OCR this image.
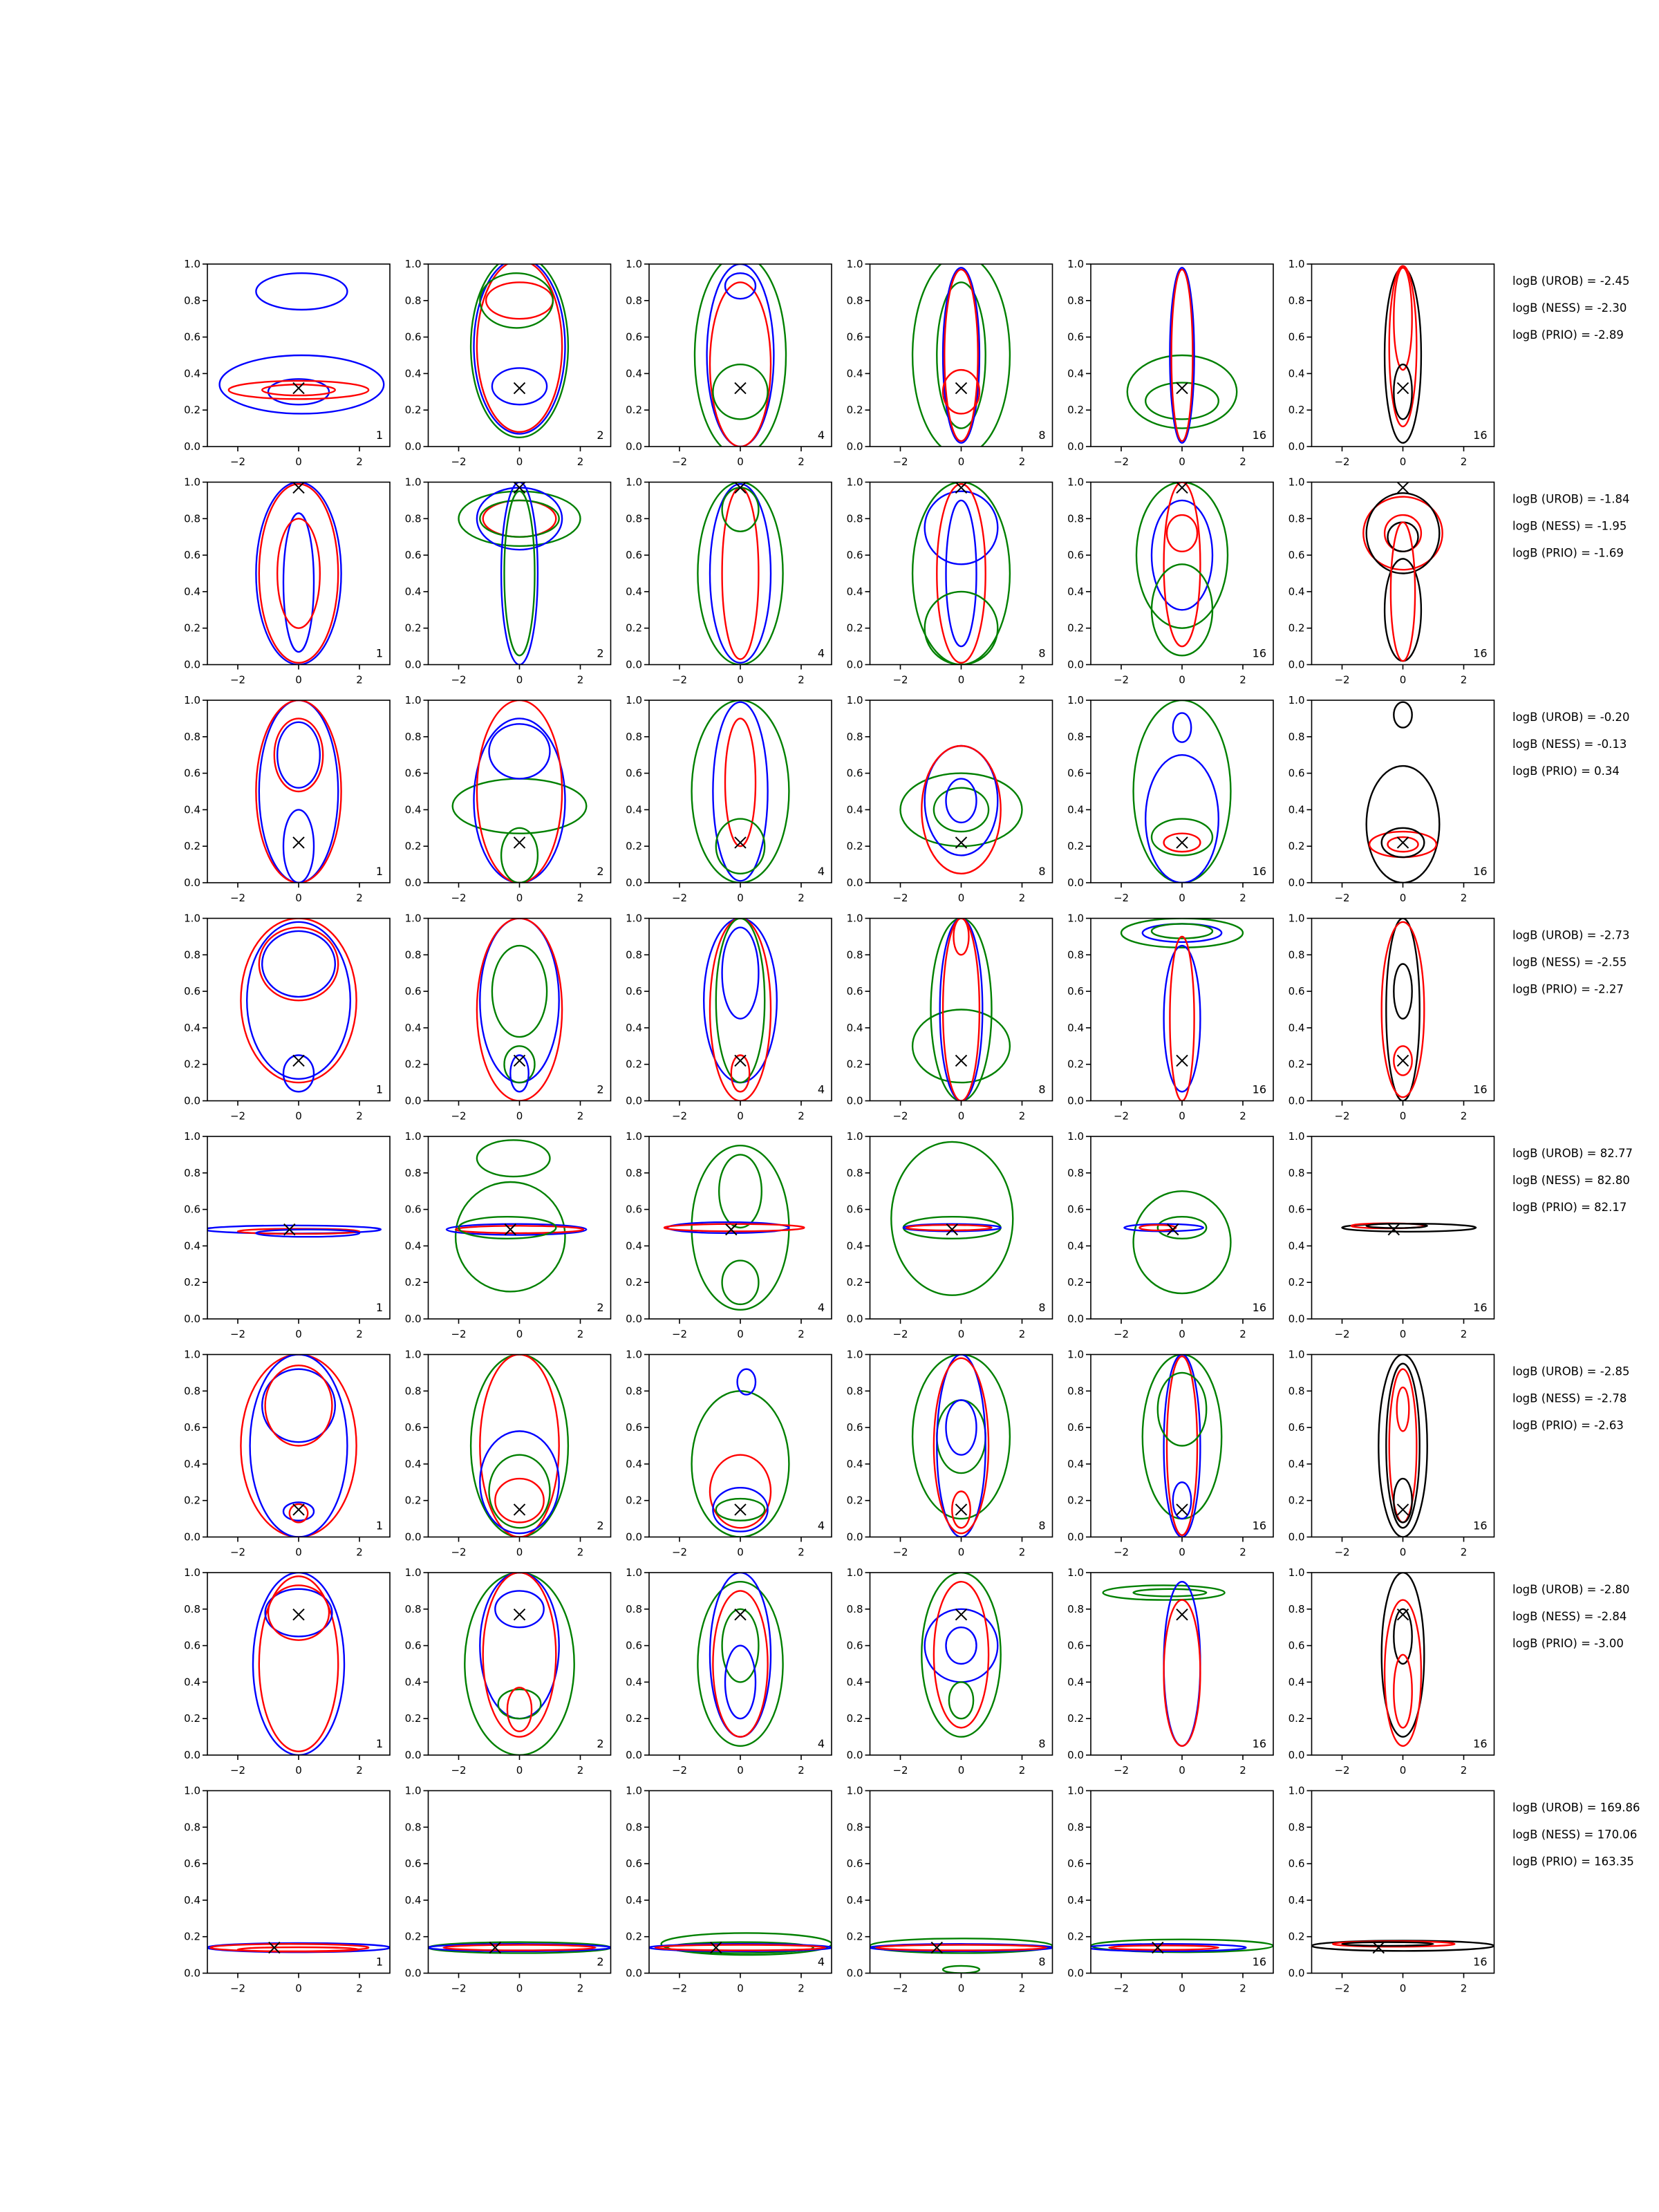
−2	0	2
0.0
0.2
0.4
0.6
0.8
1.0
1
−2	0	2
0.0
0.2
0.4
0.6
0.8
1.0
2
−2	0	2
0.0
0.2
0.4
0.6
0.8
1.0
4
−2	0	2
0.0
0.2
0.4
0.6
0.8
1.0
8
−2	0	2
0.0
0.2
0.4
0.6
0.8
1.0
16
−2	0	2
0.0
0.2
0.4
0.6
0.8
1.0
16
logB (UROB) = -2.45
logB (NESS) = -2.30
logB (PRIO) = -2.89
−2	0	2
0.0
0.2
0.4
0.6
0.8
1.0
1
−2	0	2
0.0
0.2
0.4
0.6
0.8
1.0
2
−2	0	2
0.0
0.2
0.4
0.6
0.8
1.0
4
−2	0	2
0.0
0.2
0.4
0.6
0.8
1.0
8
−2	0	2
0.0
0.2
0.4
0.6
0.8
1.0
16
−2	0	2
0.0
0.2
0.4
0.6
0.8
1.0
16
logB (UROB) = -1.84
logB (NESS) = -1.95
logB (PRIO) = -1.69
−2	0	2
0.0
0.2
0.4
0.6
0.8
1.0
1
−2	0	2
0.0
0.2
0.4
0.6
0.8
1.0
2
−2	0	2
0.0
0.2
0.4
0.6
0.8
1.0
4
−2	0	2
0.0
0.2
0.4
0.6
0.8
1.0
8
−2	0	2
0.0
0.2
0.4
0.6
0.8
1.0
16
−2	0	2
0.0
0.2
0.4
0.6
0.8
1.0
16
logB (UROB) = -0.20
logB (NESS) = -0.13
logB (PRIO) = 0.34
−2	0	2
0.0
0.2
0.4
0.6
0.8
1.0
1
−2	0	2
0.0
0.2
0.4
0.6
0.8
1.0
2
−2	0	2
0.0
0.2
0.4
0.6
0.8
1.0
4
−2	0	2
0.0
0.2
0.4
0.6
0.8
1.0
8
−2	0	2
0.0
0.2
0.4
0.6
0.8
1.0
16
−2	0	2
0.0
0.2
0.4
0.6
0.8
1.0
16
logB (UROB) = -2.73
logB (NESS) = -2.55
logB (PRIO) = -2.27
−2	0	2
0.0
0.2
0.4
0.6
0.8
1.0
1
−2	0	2
0.0
0.2
0.4
0.6
0.8
1.0
2
−2	0	2
0.0
0.2
0.4
0.6
0.8
1.0
4
−2	0	2
0.0
0.2
0.4
0.6
0.8
1.0
8
−2	0	2
0.0
0.2
0.4
0.6
0.8
1.0
16
−2	0	2
0.0
0.2
0.4
0.6
0.8
1.0
16
logB (UROB) = 82.77
logB (NESS) = 82.80
logB (PRIO) = 82.17
−2	0	2
0.0
0.2
0.4
0.6
0.8
1.0
1
−2	0	2
0.0
0.2
0.4
0.6
0.8
1.0
2
−2	0	2
0.0
0.2
0.4
0.6
0.8
1.0
4
−2	0	2
0.0
0.2
0.4
0.6
0.8
1.0
8
−2	0	2
0.0
0.2
0.4
0.6
0.8
1.0
16
−2	0	2
0.0
0.2
0.4
0.6
0.8
1.0
16
logB (UROB) = -2.85
logB (NESS) = -2.78
logB (PRIO) = -2.63
−2	0	2
0.0
0.2
0.4
0.6
0.8
1.0
1
−2	0	2
0.0
0.2
0.4
0.6
0.8
1.0
2
−2	0	2
0.0
0.2
0.4
0.6
0.8
1.0
4
−2	0	2
0.0
0.2
0.4
0.6
0.8
1.0
8
−2	0	2
0.0
0.2
0.4
0.6
0.8
1.0
16
−2	0	2
0.0
0.2
0.4
0.6
0.8
1.0
16
logB (UROB) = -2.80
logB (NESS) = -2.84
logB (PRIO) = -3.00
−2	0	2
0.0
0.2
0.4
0.6
0.8
1.0
1
−2	0	2
0.0
0.2
0.4
0.6
0.8
1.0
2
−2	0	2
0.0
0.2
0.4
0.6
0.8
1.0
4
−2	0	2
0.0
0.2
0.4
0.6
0.8
1.0
8
−2	0	2
0.0
0.2
0.4
0.6
0.8
1.0
16
−2	0	2
0.0
0.2
0.4
0.6
0.8
1.0
16
logB (UROB) = 169.86
logB (NESS) = 170.06
logB (PRIO) = 163.35
